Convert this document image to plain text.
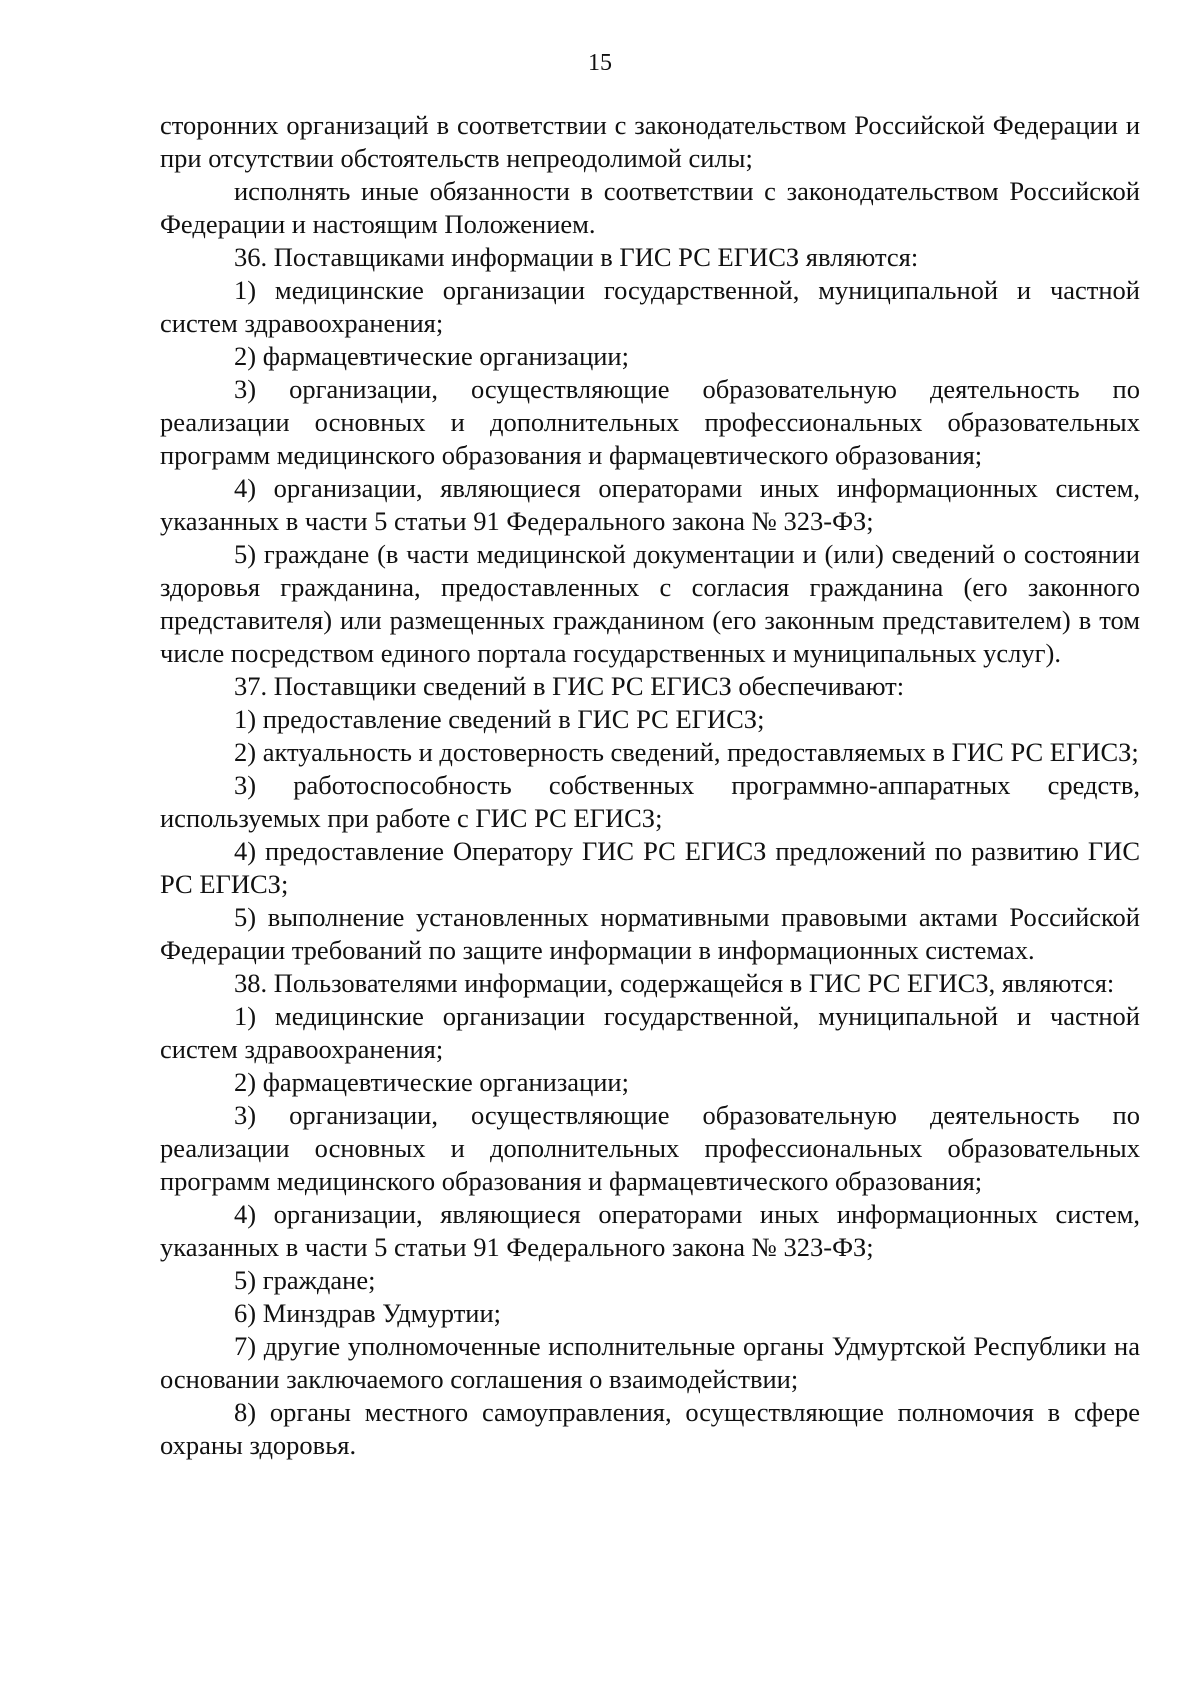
15

сторонних организаций в соответствии с законодательством Российской Федерации и при отсутствии обстоятельств непреодолимой силы;

исполнять иные обязанности в соответствии с законодательством Российской Федерации и настоящим Положением.

36. Поставщиками информации в ГИС РС ЕГИСЗ являются:

1) медицинские организации государственной, муниципальной и частной систем здравоохранения;

2) фармацевтические организации;

3) организации, осуществляющие образовательную деятельность по реализации основных и дополнительных профессиональных образовательных программ медицинского образования и фармацевтического образования;

4) организации, являющиеся операторами иных информационных систем, указанных в части 5 статьи 91 Федерального закона № 323-ФЗ;

5) граждане (в части медицинской документации и (или) сведений о состоянии здоровья гражданина, предоставленных с согласия гражданина (его законного представителя) или размещенных гражданином (его законным представителем) в том числе посредством единого портала государственных и муниципальных услуг).

37. Поставщики сведений в ГИС РС ЕГИСЗ обеспечивают:

1) предоставление сведений в ГИС РС ЕГИСЗ;

2) актуальность и достоверность сведений, предоставляемых в ГИС РС ЕГИСЗ;

3) работоспособность собственных программно-аппаратных средств, используемых при работе с ГИС РС ЕГИСЗ;

4) предоставление Оператору ГИС РС ЕГИСЗ предложений по развитию ГИС РС ЕГИСЗ;

5) выполнение установленных нормативными правовыми актами Российской Федерации требований по защите информации в информационных системах.

38. Пользователями информации, содержащейся в ГИС РС ЕГИСЗ, являются:

1) медицинские организации государственной, муниципальной и частной систем здравоохранения;

2) фармацевтические организации;

3) организации, осуществляющие образовательную деятельность по реализации основных и дополнительных профессиональных образовательных программ медицинского образования и фармацевтического образования;

4) организации, являющиеся операторами иных информационных систем, указанных в части 5 статьи 91 Федерального закона № 323-ФЗ;

5) граждане;

6) Минздрав Удмуртии;

7) другие уполномоченные исполнительные органы Удмуртской Республики на основании заключаемого соглашения о взаимодействии;

8) органы местного самоуправления, осуществляющие полномочия в сфере охраны здоровья.
